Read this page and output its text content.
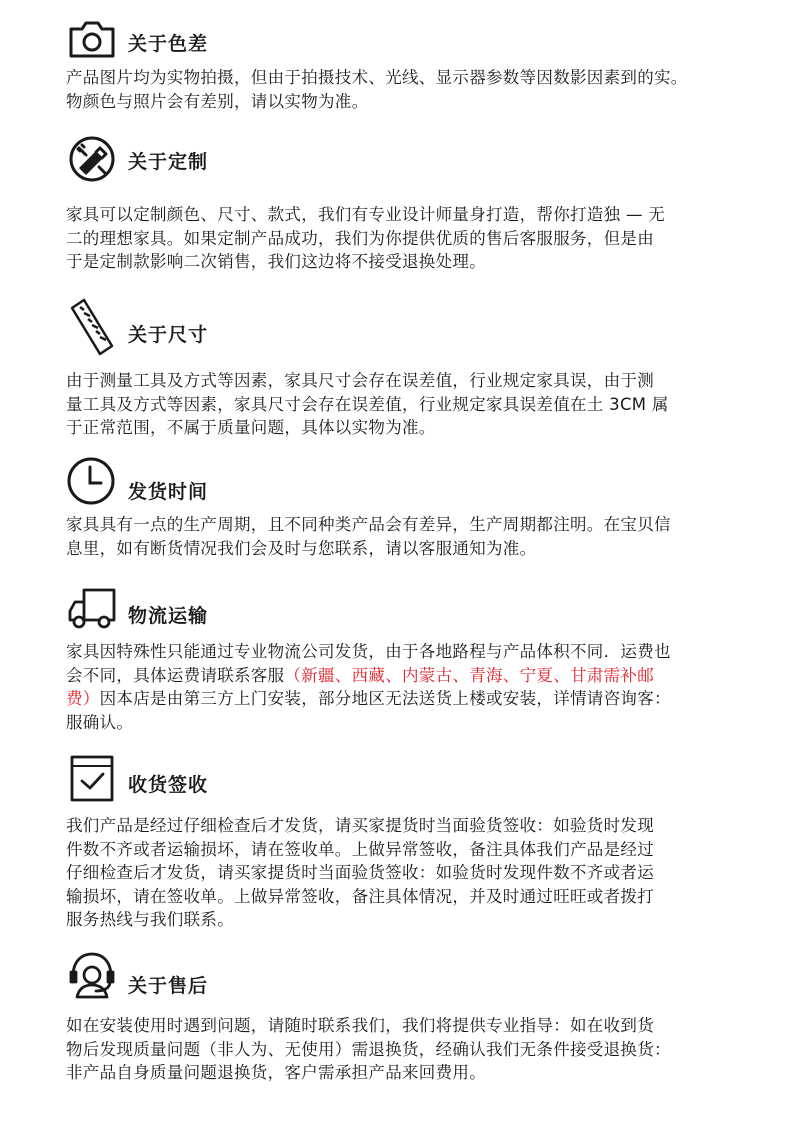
关于色差
产品图片均为实物拍摄，但由于拍摄技术、光线、显示器参数等因数影因素到的实。
物颜色与照片会有差别，请以实物为准。
关于定制
家具可以定制颜色、尺寸、款式，我们有专业设计师量身打造，帮你打造独 — 无
二的理想家具。如果定制产品成功，我们为你提供优质的售后客服服务，但是由
于是定制款影响二次销售，我们这边将不接受退换处理。
关于尺寸
由于测量工具及方式等因素，家具尺寸会存在误差值，行业规定家具误，由于测
量工具及方式等因素，家具尺寸会存在误差值，行业规定家具误差值在土 3CM 属
于正常范围，不属于质量问题，具体以实物为准。
发货时间
家具具有一点的生产周期，且不同种类产品会有差异，生产周期都注明。在宝贝信
息里，如有断货情况我们会及时与您联系，请以客服通知为准。
物流运输
家具因特殊性只能通过专业物流公司发货，由于各地路程与产品体积不同．运费也
会不同，具体运费请联系客服（新疆、西藏、内蒙古、青海、宁夏、甘肃需补邮
费）因本店是由第三方上门安装，部分地区无法送货上楼或安装，详情请咨询客：
服确认。
收货签收
我们产品是经过仔细检查后才发货，请买家提货时当面验货签收：如验货时发现
件数不齐或者运输损坏，请在签收单。上做异常签收，备注具体我们产品是经过
仔细检查后才发货，请买家提货时当面验货签收：如验货时发现件数不齐或者运
输损坏，请在签收单。上做异常签收，备注具体情况，并及时通过旺旺或者拨打
服务热线与我们联系。
关于售后
如在安装使用时遇到问题，请随时联系我们，我们将提供专业指导：如在收到货
物后发现质量问题（非人为、无使用）需退换货，经确认我们无条件接受退换货：
非产品自身质量问题退换货，客户需承担产品来回费用。
